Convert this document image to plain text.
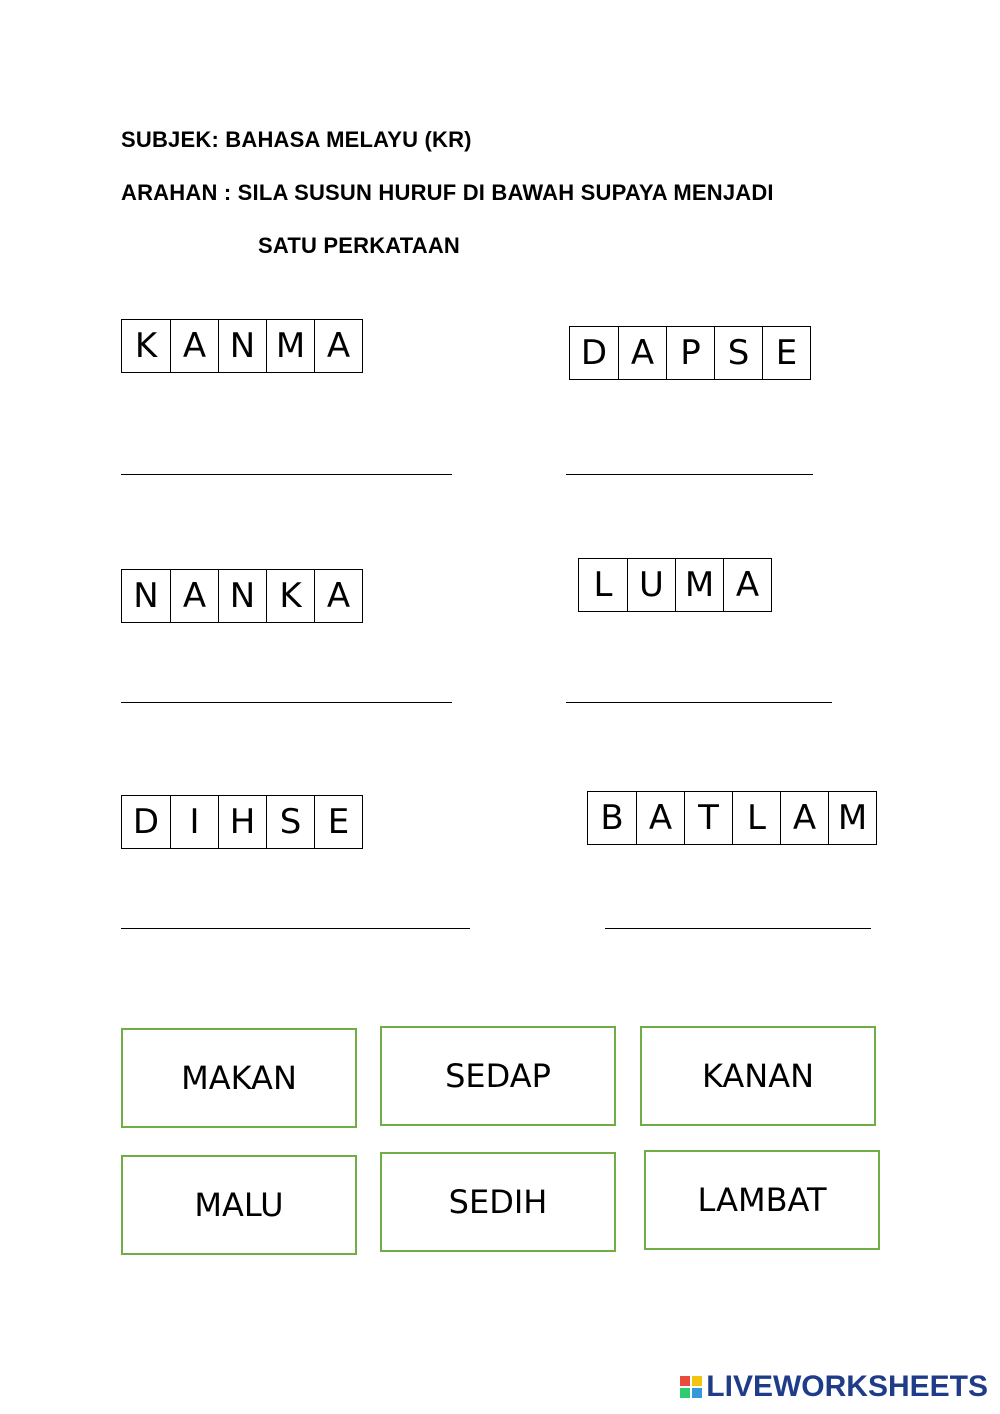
SUBJEK: BAHASA MELAYU (KR)

ARAHAN : SILA SUSUN HURUF DI BAWAH SUPAYA MENJADI

SATU PERKATAAN

K A N M A	D A P S E
N A N K A	L U M A
D I H S E	B A T L A M
MAKAN	SEDAP	KANAN
MALU	SEDIH	LAMBAT
LIVEWORKSHEETS
